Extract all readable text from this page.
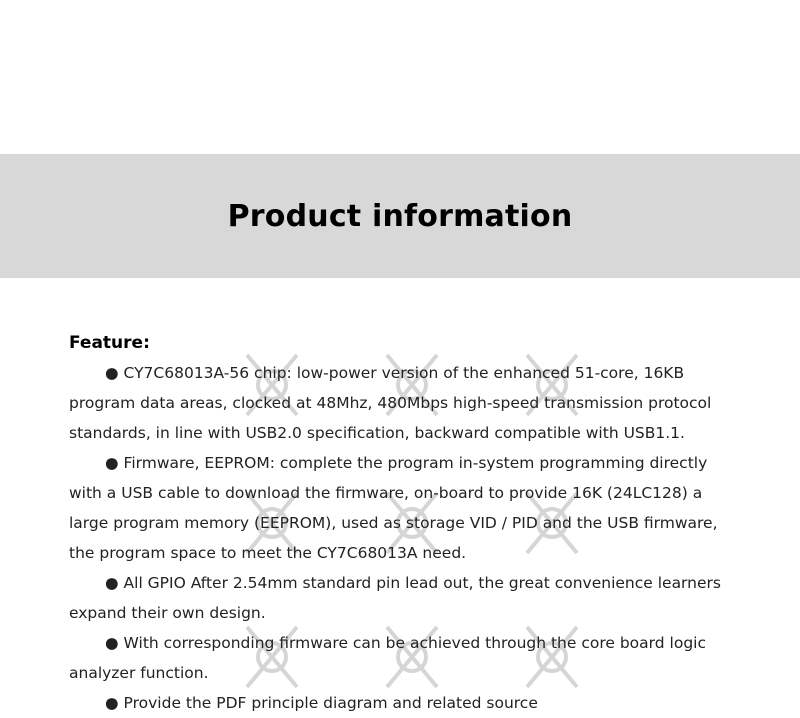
Product information

Feature:

● CY7C68013A-56 chip: low-power version of the enhanced 51-core, 16KB program data areas, clocked at 48Mhz, 480Mbps high-speed transmission protocol standards, in line with USB2.0 specification, backward compatible with USB1.1.

● Firmware, EEPROM: complete the program in-system programming directly with a USB cable to download the firmware, on-board to provide 16K (24LC128) a large program memory (EEPROM), used as storage VID / PID and the USB firmware, the program space to meet the CY7C68013A need.

● All GPIO After 2.54mm standard pin lead out, the great convenience learners expand their own design.

● With corresponding firmware can be achieved through the core board logic analyzer function.

● Provide the PDF principle diagram and related source
